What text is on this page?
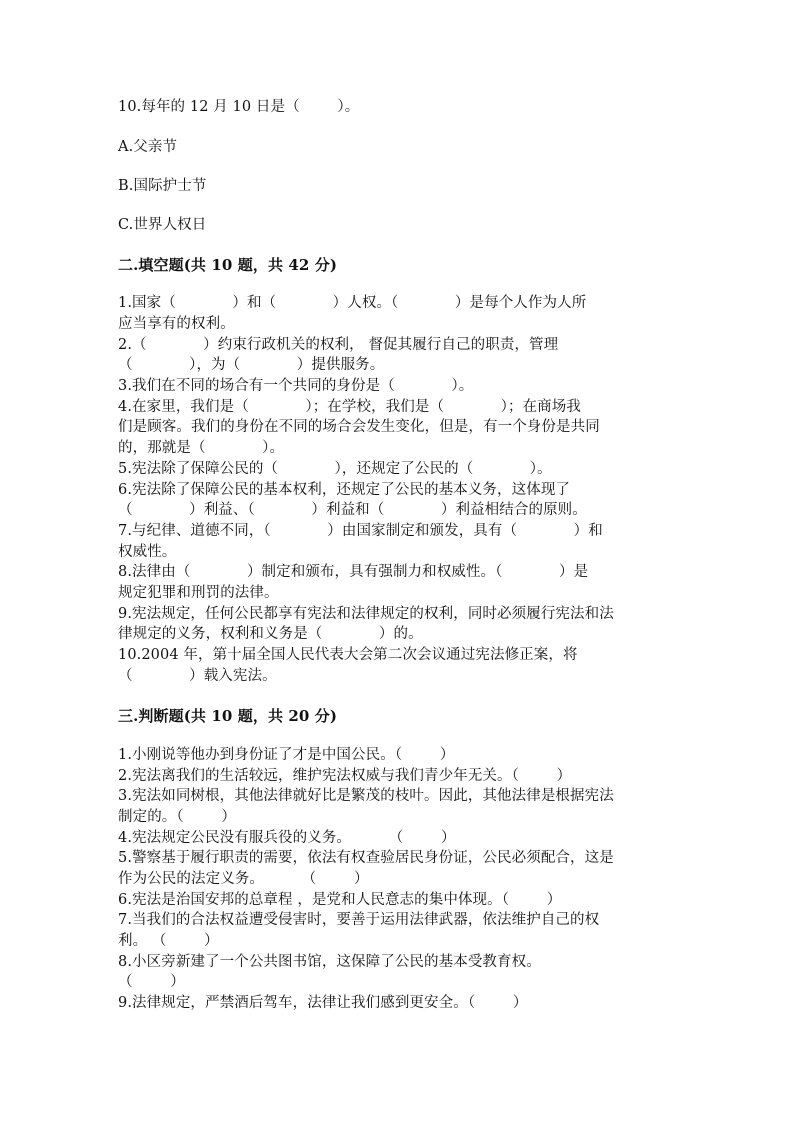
10.每年的 12 月 10 日是（        ）。
A.父亲节
B.国际护士节
C.世界人权日
二.填空题(共 10 题，共 42 分)
1.国家（            ）和（            ）人权。（            ）是每个人作为人所
应当享有的权利。
2.（            ）约束行政机关的权利， 督促其履行自己的职责，管理
（            ），为（            ）提供服务。
3.我们在不同的场合有一个共同的身份是（            ）。
4.在家里，我们是（            ）；在学校，我们是（            ）；在商场我
们是顾客。我们的身份在不同的场合会发生变化，但是，有一个身份是共同
的，那就是（            ）。
5.宪法除了保障公民的（            ），还规定了公民的（            ）。
6.宪法除了保障公民的基本权利，还规定了公民的基本义务，这体现了
（            ）利益、（            ）利益和（            ）利益相结合的原则。
7.与纪律、道德不同，（            ）由国家制定和颁发，具有（            ）和
权威性。
8.法律由（            ）制定和颁布，具有强制力和权威性。（            ）是
规定犯罪和刑罚的法律。
9.宪法规定，任何公民都享有宪法和法律规定的权利，同时必须履行宪法和法
律规定的义务，权利和义务是（            ）的。
10.2004 年，第十届全国人民代表大会第二次会议通过宪法修正案，将
（            ）载入宪法。
三.判断题(共 10 题，共 20 分)
1.小刚说等他办到身份证了才是中国公民。（        ）
2.宪法离我们的生活较远，维护宪法权威与我们青少年无关。（        ）
3.宪法如同树根，其他法律就好比是繁茂的枝叶。因此，其他法律是根据宪法
制定的。（        ）
4.宪法规定公民没有服兵役的义务。        （        ）
5.警察基于履行职责的需要，依法有权查验居民身份证，公民必须配合，这是
作为公民的法定义务。        （        ）
6.宪法是治国安邦的总章程 ，是党和人民意志的集中体现。（        ）
7.当我们的合法权益遭受侵害时，要善于运用法律武器，依法维护自己的权
利。 （        ）
8.小区旁新建了一个公共图书馆，这保障了公民的基本受教育权。
（        ）
9.法律规定，严禁酒后驾车，法律让我们感到更安全。（        ）
